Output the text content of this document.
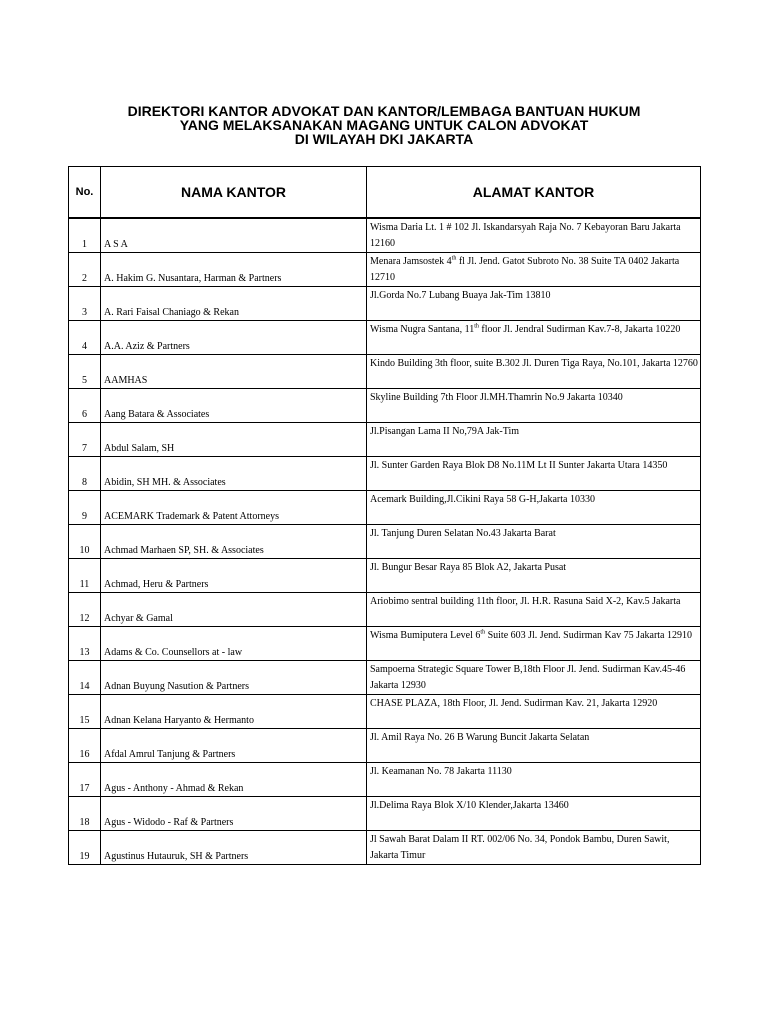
DIREKTORI KANTOR ADVOKAT DAN KANTOR/LEMBAGA BANTUAN HUKUM
YANG MELAKSANAKAN MAGANG UNTUK CALON ADVOKAT
DI WILAYAH DKI JAKARTA
No.	NAMA KANTOR	ALAMAT KANTOR
1	A S A	Wisma Daria Lt. 1 # 102 Jl. Iskandarsyah Raja No. 7 Kebayoran Baru Jakarta 12160
2	A. Hakim G. Nusantara, Harman & Partners	Menara Jamsostek 4th fl Jl. Jend. Gatot Subroto No. 38 Suite TA 0402 Jakarta 12710
3	A. Rari Faisal Chaniago & Rekan	Jl.Gorda No.7 Lubang Buaya Jak-Tim 13810
4	A.A. Aziz & Partners	Wisma Nugra Santana, 11th floor Jl. Jendral Sudirman Kav.7-8, Jakarta 10220
5	AAMHAS	Kindo Building 3th floor, suite B.302 Jl. Duren Tiga Raya, No.101, Jakarta 12760
6	Aang Batara & Associates	Skyline Building 7th Floor Jl.MH.Thamrin No.9 Jakarta 10340
7	Abdul Salam, SH	Jl.Pisangan Lama II No,79A Jak-Tim
8	Abidin, SH MH. & Associates	Jl. Sunter Garden Raya Blok D8 No.11M Lt II Sunter Jakarta Utara 14350
9	ACEMARK Trademark & Patent Attorneys	Acemark Building,Jl.Cikini Raya 58 G-H,Jakarta 10330
10	Achmad Marhaen SP, SH. & Associates	Jl. Tanjung Duren Selatan No.43 Jakarta Barat
11	Achmad, Heru & Partners	Jl. Bungur Besar Raya 85 Blok A2, Jakarta Pusat
12	Achyar & Gamal	Ariobimo sentral building 11th floor, Jl. H.R. Rasuna Said X-2, Kav.5 Jakarta
13	Adams & Co. Counsellors at - law	Wisma Bumiputera Level 6th Suite 603 Jl. Jend. Sudirman Kav 75 Jakarta 12910
14	Adnan Buyung Nasution & Partners	Sampoerna Strategic Square Tower B,18th Floor Jl. Jend. Sudirman Kav.45-46 Jakarta 12930
15	Adnan Kelana Haryanto & Hermanto	CHASE PLAZA, 18th Floor, Jl. Jend. Sudirman Kav. 21, Jakarta 12920
16	Afdal Amrul Tanjung & Partners	Jl. Amil Raya No. 26 B Warung Buncit Jakarta Selatan
17	Agus - Anthony - Ahmad & Rekan	Jl. Keamanan No. 78 Jakarta 11130
18	Agus - Widodo - Raf & Partners	Jl.Delima Raya Blok X/10 Klender,Jakarta 13460
19	Agustinus Hutauruk, SH & Partners	Jl Sawah Barat Dalam II RT. 002/06 No. 34, Pondok Bambu, Duren Sawit, Jakarta Timur
